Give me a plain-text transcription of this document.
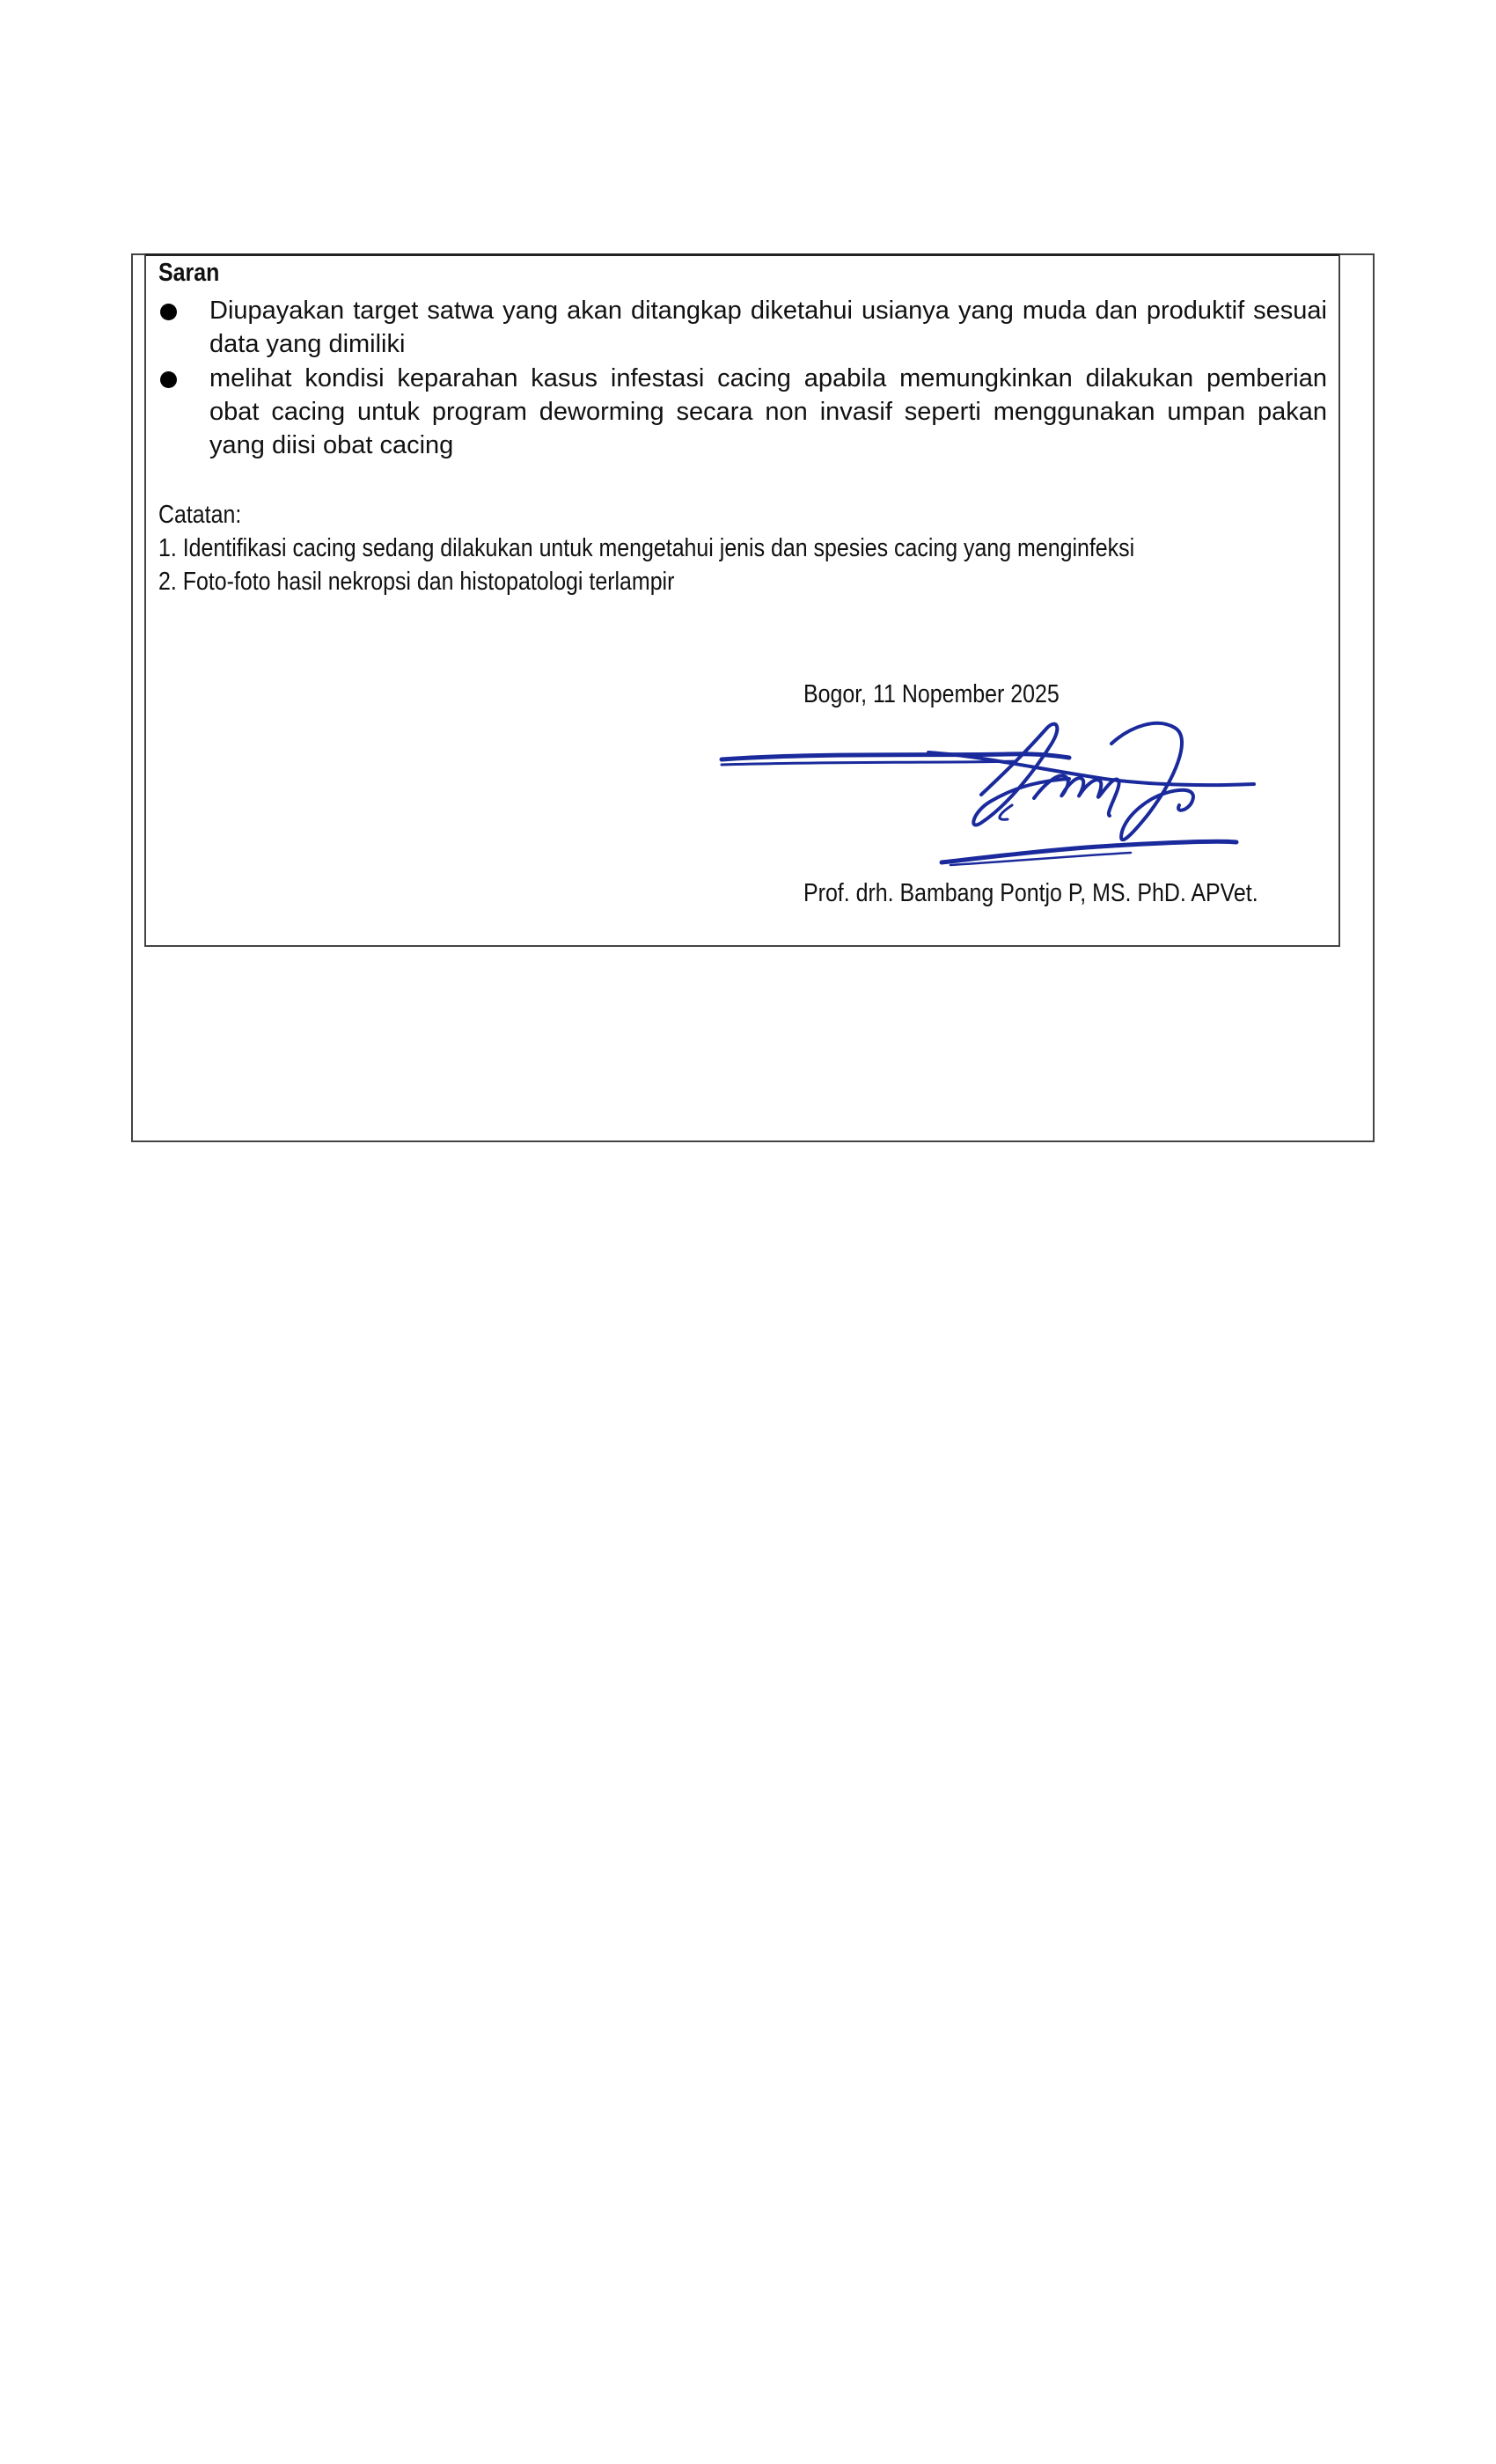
Saran
Diupayakan target satwa yang akan ditangkap diketahui usianya yang muda dan produktif sesuai data yang dimiliki
melihat kondisi keparahan kasus infestasi cacing apabila memungkinkan dilakukan pemberian obat cacing untuk program deworming secara non invasif seperti menggunakan umpan pakan yang diisi obat cacing
Catatan:
1. Identifikasi cacing sedang dilakukan untuk mengetahui jenis dan spesies cacing yang menginfeksi
2. Foto-foto hasil nekropsi dan histopatologi terlampir
Bogor, 11 Nopember 2025
Prof. drh. Bambang Pontjo P, MS. PhD. APVet.
